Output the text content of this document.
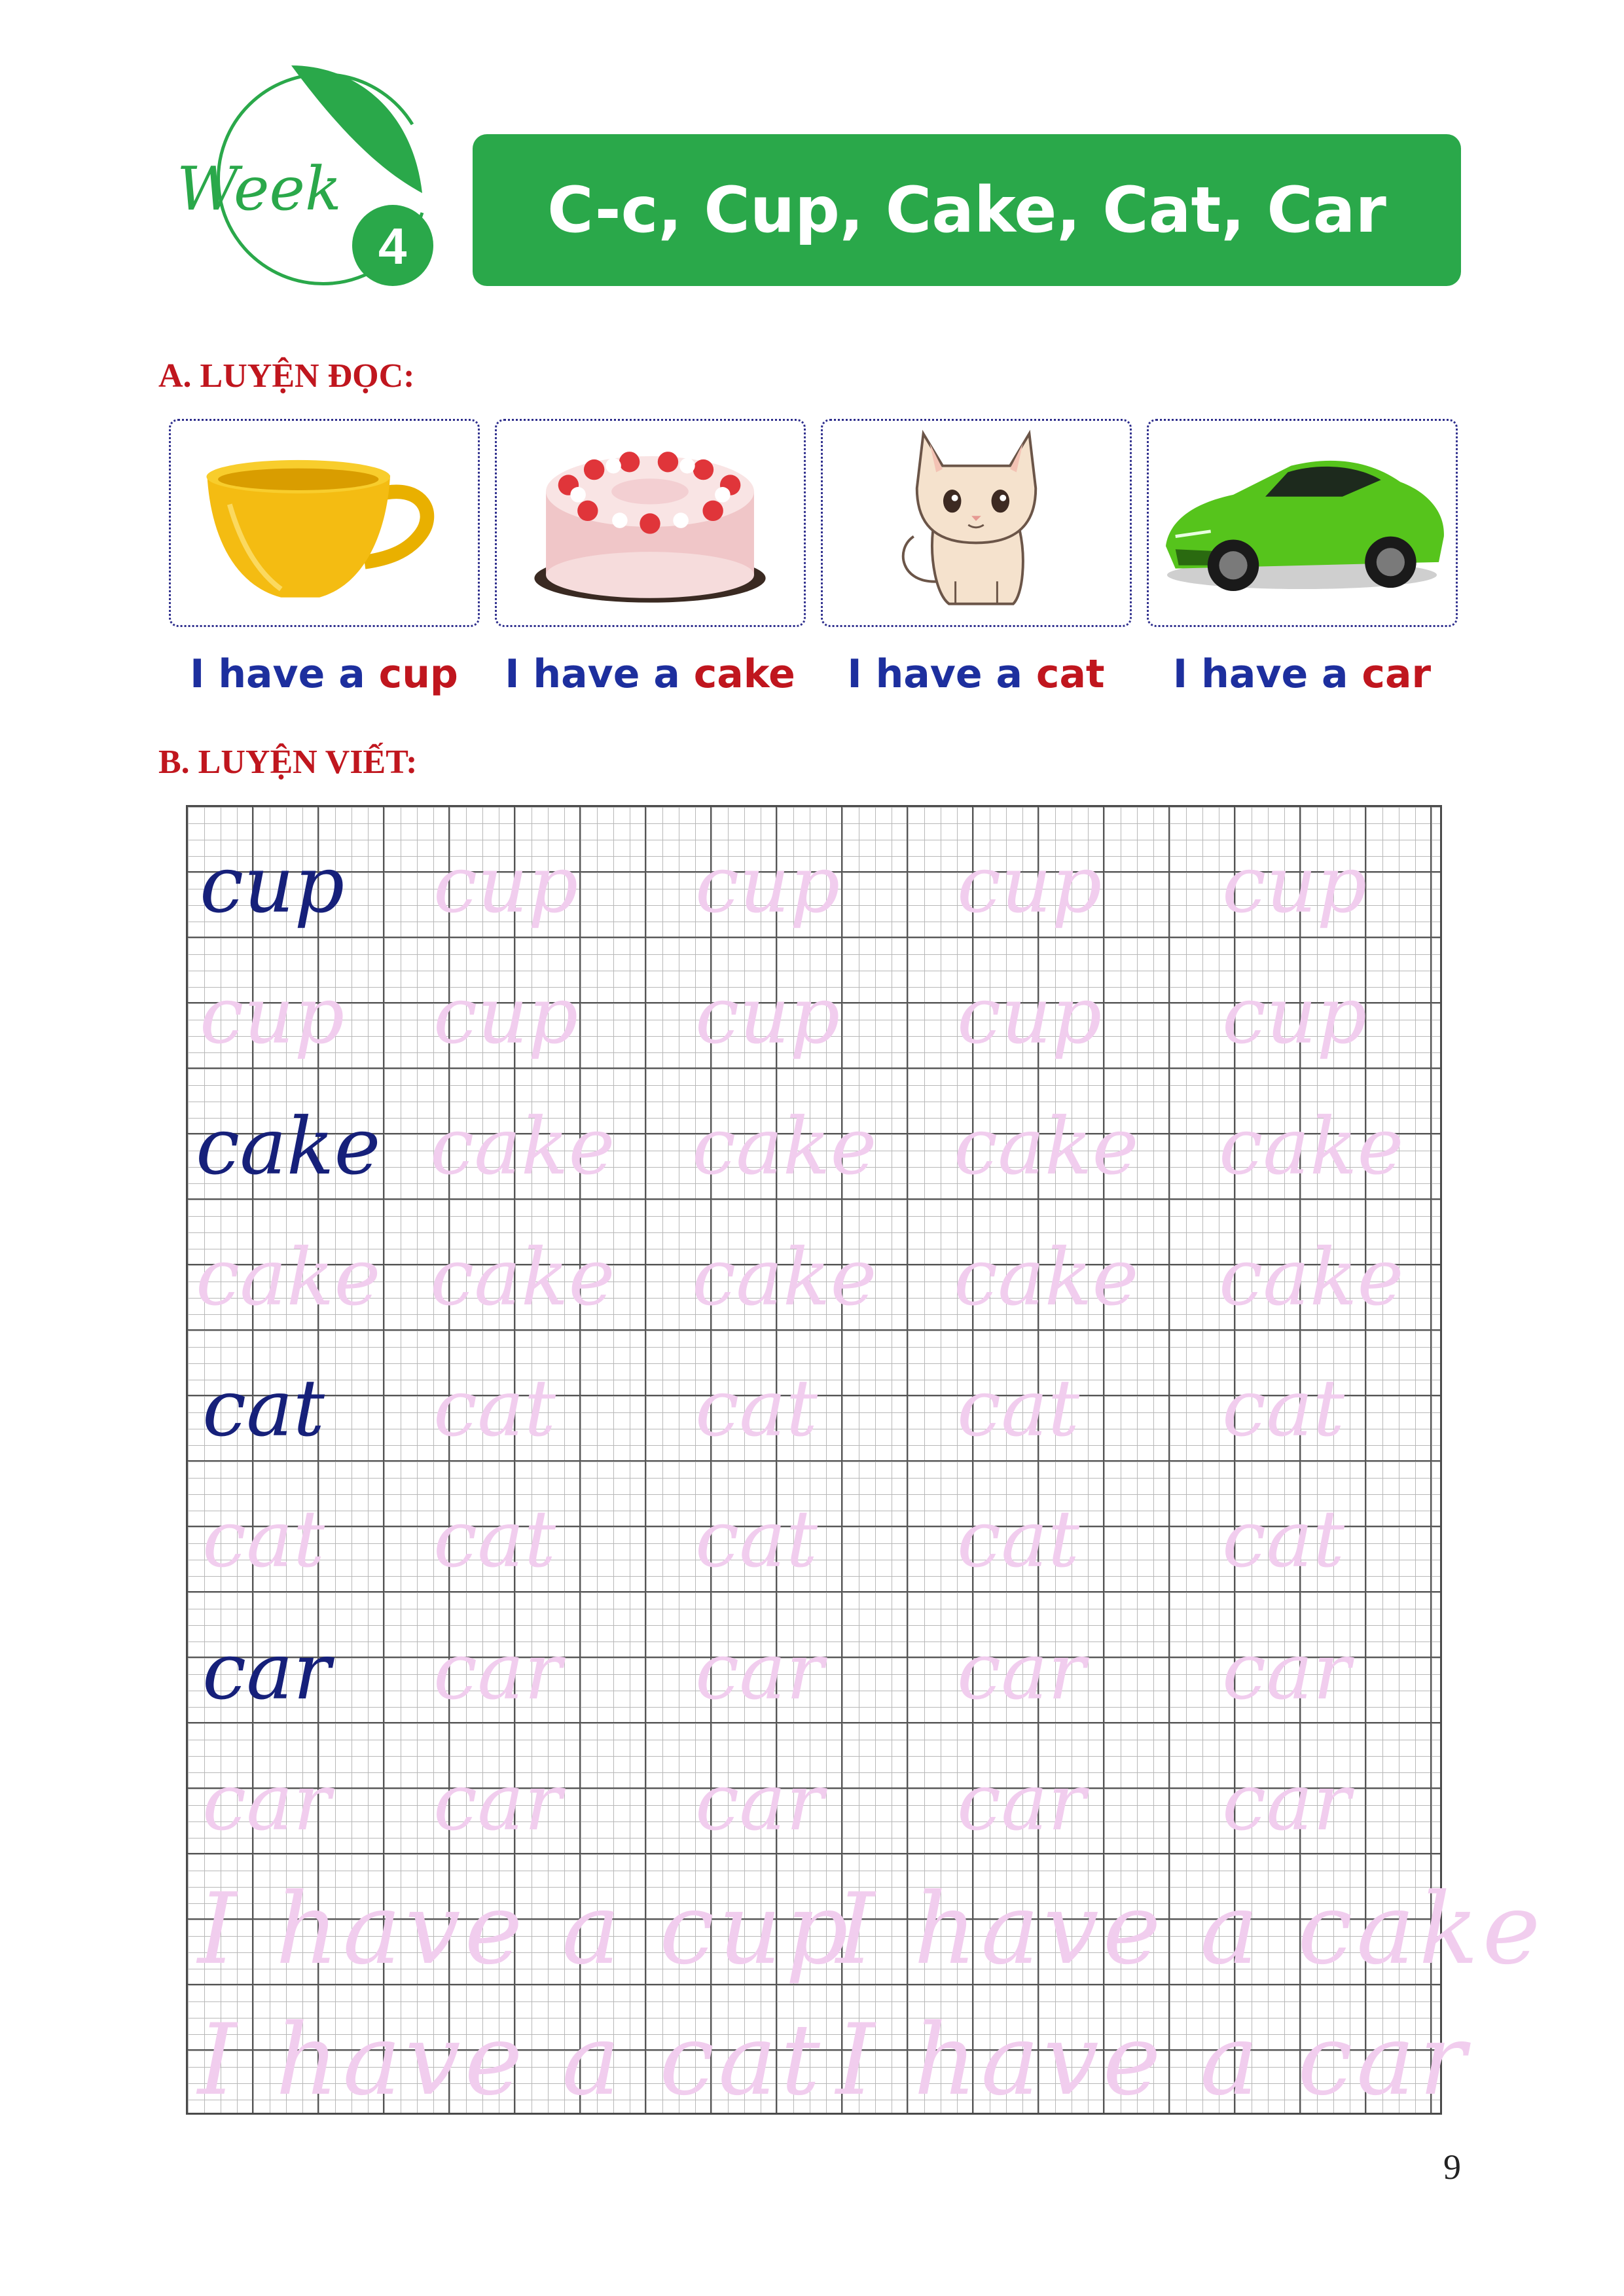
Week
4 C-c, Cup, Cake, Cat, Car
A. LUYỆN ĐỌC:
I have a cup	I have a cake	I have a cat	I have a car
B. LUYỆN VIẾT:
cup cup cup cup cup
cup cup cup cup cup
cake cake cake cake cake
cake cake cake cake cake
cat cat cat cat cat
cat cat cat cat cat
car car car car car
car car car car car
I have a cup
I have a cake
I have a cat I have a car
9
